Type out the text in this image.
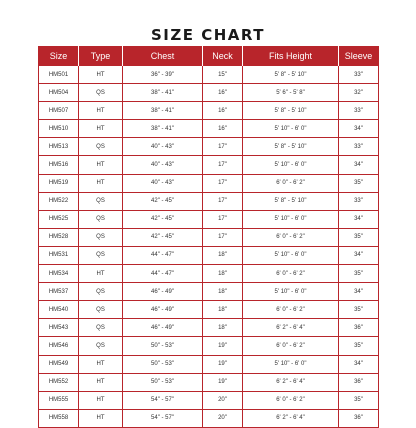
SIZE CHART
Size	Type	Chest	Neck	Fits Height	Sleeve
HM501	HT	36" - 39"	15"	5' 8" - 5' 10"	33"
HM504	QS	38" - 41"	16"	5' 6" - 5' 8"	32"
HM507	HT	38" - 41"	16"	5' 8" - 5' 10"	33"
HM510	HT	38" - 41"	16"	5' 10" - 6' 0"	34"
HM513	QS	40" - 43"	17"	5' 8" - 5' 10"	33"
HM516	HT	40" - 43"	17"	5' 10" - 6' 0"	34"
HM519	HT	40" - 43"	17"	6' 0" - 6' 2"	35"
HM522	QS	42" - 45"	17"	5' 8" - 5' 10"	33"
HM525	QS	42" - 45"	17"	5' 10" - 6' 0"	34"
HM528	QS	42" - 45"	17"	6' 0" - 6' 2"	35"
HM531	QS	44" - 47"	18"	5' 10" - 6' 0"	34"
HM534	HT	44" - 47"	18"	6' 0" - 6' 2"	35"
HM537	QS	46" - 49"	18"	5' 10" - 6' 0"	34"
HM540	QS	46" - 49"	18"	6' 0" - 6' 2"	35"
HM543	QS	46" - 49"	18"	6' 2" - 6' 4"	36"
HM546	QS	50" - 53"	19"	6' 0" - 6' 2"	35"
HM549	HT	50" - 53"	19"	5' 10" - 6' 0"	34"
HM552	HT	50" - 53"	19"	6' 2" - 6' 4"	36"
HM555	HT	54" - 57"	20"	6' 0" - 6' 2"	35"
HM558	HT	54" - 57"	20"	6' 2" - 6' 4"	36"
